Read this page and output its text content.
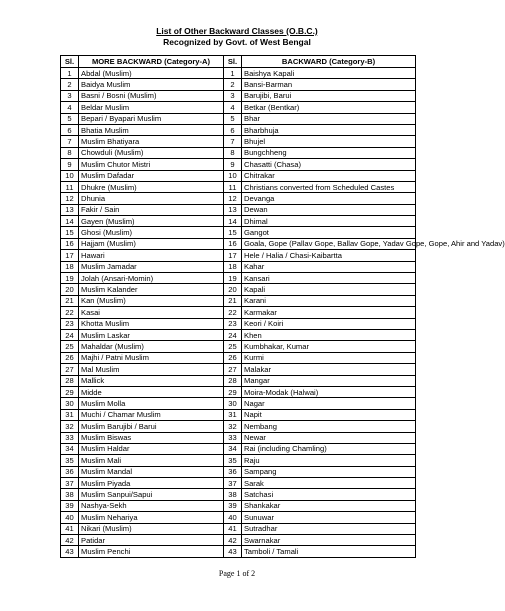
List of Other Backward Classes (O.B.C.)
Recognized by Govt. of West Bengal
Sl.	MORE BACKWARD (Category-A)	Sl.	BACKWARD (Category-B)
1	Abdal (Muslim)	1	Baishya Kapali
2	Baidya Muslim	2	Bansi-Barman
3	Basni / Bosni (Muslim)	3	Barujibi, Barui
4	Beldar Muslim	4	Betkar (Bentkar)
5	Bepari / Byapari Muslim	5	Bhar
6	Bhatia Muslim	6	Bharbhuja
7	Muslim Bhatiyara	7	Bhujel
8	Chowduli (Muslim)	8	Bungchheng
9	Muslim Chutor Mistri	9	Chasatti (Chasa)
10	Muslim Dafadar	10	Chitrakar
11	Dhukre (Muslim)	11	Christians converted from Scheduled Castes
12	Dhunia	12	Devanga
13	Fakir / Sain	13	Dewan
14	Gayen (Muslim)	14	Dhimal
15	Ghosi (Muslim)	15	Gangot
16	Hajjam (Muslim)	16	Goala, Gope (Pallav Gope, Ballav Gope, Yadav Gope, Gope, Ahir and Yadav)
17	Hawari	17	Hele / Halia / Chasi-Kaibartta
18	Muslim Jamadar	18	Kahar
19	Jolah (Ansari-Momin)	19	Kansari
20	Muslim Kalander	20	Kapali
21	Kan (Muslim)	21	Karani
22	Kasai	22	Karmakar
23	Khotta Muslim	23	Keori / Koiri
24	Muslim Laskar	24	Khen
25	Mahaldar (Muslim)	25	Kumbhakar, Kumar
26	Majhi / Patni Muslim	26	Kurmi
27	Mal Muslim	27	Malakar
28	Mallick	28	Mangar
29	Midde	29	Moira-Modak (Halwai)
30	Muslim Molla	30	Nagar
31	Muchi / Chamar Muslim	31	Napit
32	Muslim Barujibi / Barui	32	Nembang
33	Muslim Biswas	33	Newar
34	Muslim Haldar	34	Rai (including Chamling)
35	Muslim Mali	35	Raju
36	Muslim Mandal	36	Sampang
37	Muslim Piyada	37	Sarak
38	Muslim Sanpui/Sapui	38	Satchasi
39	Nashya-Sekh	39	Shankakar
40	Muslim Nehariya	40	Sunuwar
41	Nikari (Muslim)	41	Sutradhar
42	Patidar	42	Swarnakar
43	Muslim Penchi	43	Tamboli / Tamali
Page 1 of 2
